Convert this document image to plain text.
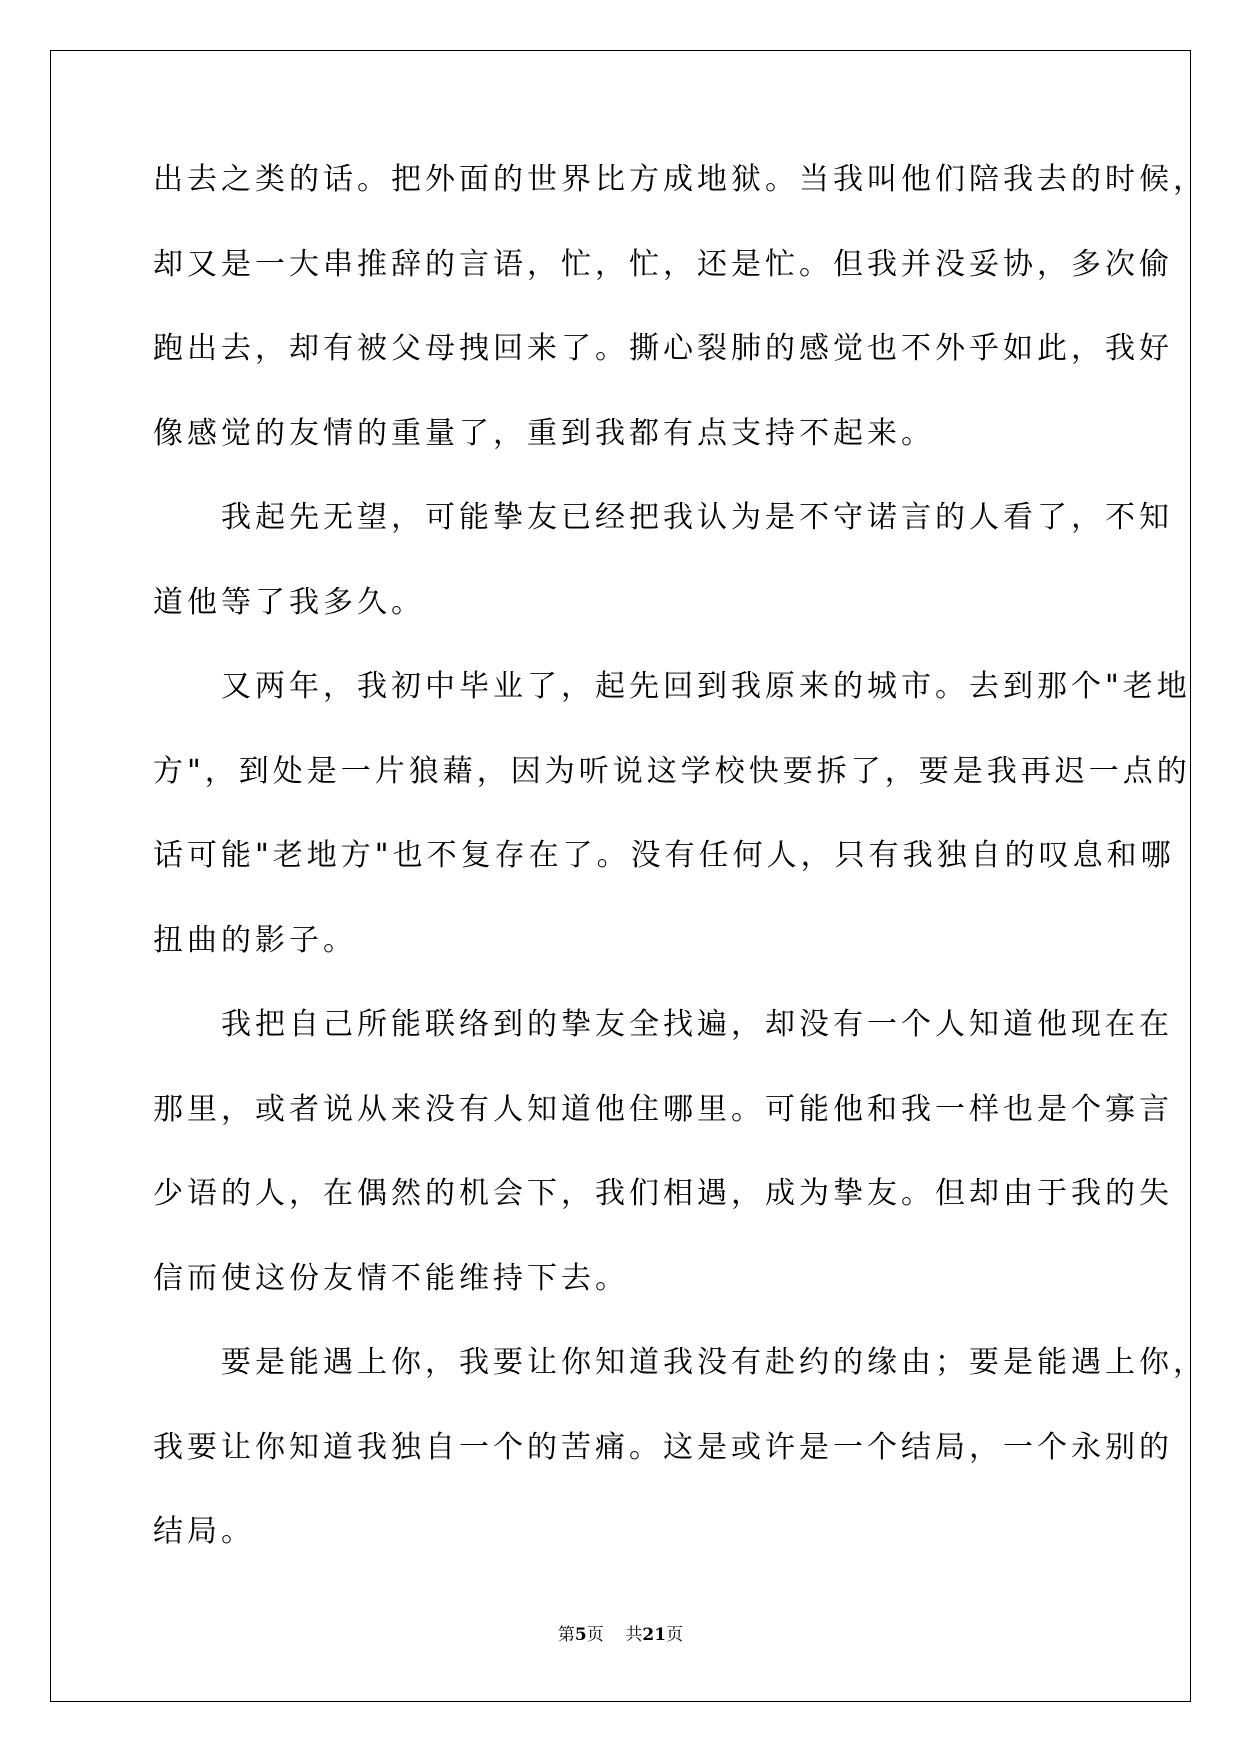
出去之类的话。把外面的世界比方成地狱。当我叫他们陪我去的时候，
却又是一大串推辞的言语，忙，忙，还是忙。但我并没妥协，多次偷
跑出去，却有被父母拽回来了。撕心裂肺的感觉也不外乎如此，我好
像感觉的友情的重量了，重到我都有点支持不起来。
我起先无望，可能挚友已经把我认为是不守诺言的人看了，不知
道他等了我多久。
又两年，我初中毕业了，起先回到我原来的城市。去到那个"老地
方"，到处是一片狼藉，因为听说这学校快要拆了，要是我再迟一点的
话可能"老地方"也不复存在了。没有任何人，只有我独自的叹息和哪
扭曲的影子。
我把自己所能联络到的挚友全找遍，却没有一个人知道他现在在
那里，或者说从来没有人知道他住哪里。可能他和我一样也是个寡言
少语的人，在偶然的机会下，我们相遇，成为挚友。但却由于我的失
信而使这份友情不能维持下去。
要是能遇上你，我要让你知道我没有赴约的缘由；要是能遇上你，
我要让你知道我独自一个的苦痛。这是或许是一个结局，一个永别的
结局。
第5页 共21页
